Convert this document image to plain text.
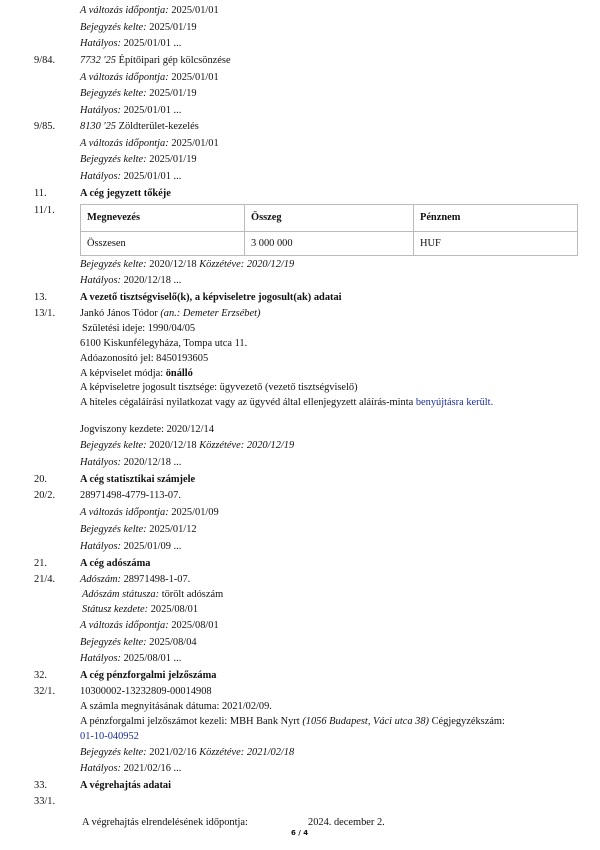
A változás időpontja: 2025/01/01
Bejegyzés kelte: 2025/01/19
Hatályos: 2025/01/01 ...
9/84. 7732 '25 Építőipari gép kölcsönzése
A változás időpontja: 2025/01/01
Bejegyzés kelte: 2025/01/19
Hatályos: 2025/01/01 ...
9/85. 8130 '25 Zöldterület-kezelés
A változás időpontja: 2025/01/01
Bejegyzés kelte: 2025/01/19
Hatályos: 2025/01/01 ...
11.	A cég jegyzett tőkéje
11/1.
Megnevezés	Összeg	Pénznem
Összesen	3 000 000	HUF
Bejegyzés kelte: 2020/12/18 Közzétéve: 2020/12/19
Hatályos: 2020/12/18 ...
13.	A vezető tisztségviselő(k), a képviseletre jogosult(ak) adatai
13/1. Jankó János Tódor (an.: Demeter Erzsébet)
Születési ideje: 1990/04/05
6100 Kiskunfélegyháza, Tompa utca 11.
Adóazonosító jel: 8450193605
A képviselet módja: önálló
A képviseletre jogosult tisztsége: ügyvezető (vezető tisztségviselő)
A hiteles cégaláírási nyilatkozat vagy az ügyvéd által ellenjegyzett aláírás-minta benyújtásra került.
Jogviszony kezdete: 2020/12/14
Bejegyzés kelte: 2020/12/18 Közzétéve: 2020/12/19
Hatályos: 2020/12/18 ...
20.	A cég statisztikai számjele
20/2. 28971498-4779-113-07.
A változás időpontja: 2025/01/09
Bejegyzés kelte: 2025/01/12
Hatályos: 2025/01/09 ...
21.	A cég adószáma
21/4. Adószám: 28971498-1-07.
Adószám státusza: törölt adószám
Státusz kezdete: 2025/08/01
A változás időpontja: 2025/08/01
Bejegyzés kelte: 2025/08/04
Hatályos: 2025/08/01 ...
32.	A cég pénzforgalmi jelzőszáma
32/1. 10300002-13232809-00014908
A számla megnyitásának dátuma: 2021/02/09.
A pénzforgalmi jelzőszámot kezeli: MBH Bank Nyrt (1056 Budapest, Váci utca 38) Cégjegyzékszám:
01-10-040952
Bejegyzés kelte: 2021/02/16 Közzétéve: 2021/02/18
Hatályos: 2021/02/16 ...
33.	A végrehajtás adatai
33/1.
A végrehajtás elrendelésének időpontja:	2024. december 2.
6 / 4
